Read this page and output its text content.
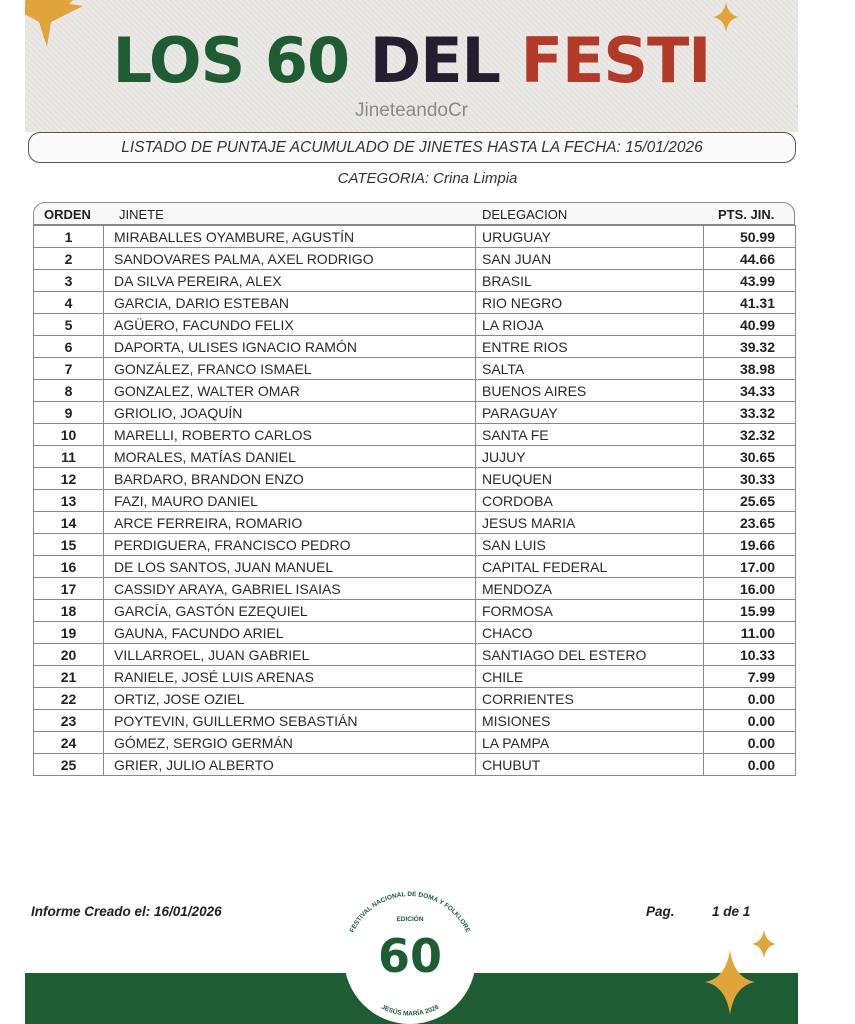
LOS 60 DEL FESTI
JineteandoCr
LISTADO DE PUNTAJE ACUMULADO DE JINETES HASTA LA FECHA: 15/01/2026
CATEGORIA: Crina Limpia
ORDEN JINETE	DELEGACION	PTS. JIN.
1	MIRABALLES OYAMBURE, AGUSTÍN	URUGUAY	50.99
2	SANDOVARES PALMA, AXEL RODRIGO	SAN JUAN	44.66
3	DA SILVA PEREIRA, ALEX	BRASIL	43.99
4	GARCIA, DARIO ESTEBAN	RIO NEGRO	41.31
5	AGÜERO, FACUNDO FELIX	LA RIOJA	40.99
6	DAPORTA, ULISES IGNACIO RAMÓN	ENTRE RIOS	39.32
7	GONZÁLEZ, FRANCO ISMAEL	SALTA	38.98
8	GONZALEZ, WALTER OMAR	BUENOS AIRES	34.33
9	GRIOLIO, JOAQUÍN	PARAGUAY	33.32
10	MARELLI, ROBERTO CARLOS	SANTA FE	32.32
11	MORALES, MATÍAS DANIEL	JUJUY	30.65
12	BARDARO, BRANDON ENZO	NEUQUEN	30.33
13	FAZI, MAURO DANIEL	CORDOBA	25.65
14	ARCE FERREIRA, ROMARIO	JESUS MARIA	23.65
15	PERDIGUERA, FRANCISCO PEDRO	SAN LUIS	19.66
16	DE LOS SANTOS, JUAN MANUEL	CAPITAL FEDERAL	17.00
17	CASSIDY ARAYA, GABRIEL ISAIAS	MENDOZA	16.00
18	GARCÍA, GASTÓN EZEQUIEL	FORMOSA	15.99
19	GAUNA, FACUNDO ARIEL	CHACO	11.00
20	VILLARROEL, JUAN GABRIEL	SANTIAGO DEL ESTERO	10.33
21	RANIELE, JOSÉ LUIS ARENAS	CHILE	7.99
22	ORTIZ, JOSE OZIEL	CORRIENTES	0.00
23	POYTEVIN, GUILLERMO SEBASTIÁN	MISIONES	0.00
24	GÓMEZ, SERGIO GERMÁN	LA PAMPA	0.00
25	GRIER, JULIO ALBERTO	CHUBUT	0.00
Informe Creado el: 16/01/2026	Pag.	1 de 1
FESTIVAL NACIONAL DE DOMA Y FOLKLORE
EDICIÓN
60
JESÚS MARÍA 2026
